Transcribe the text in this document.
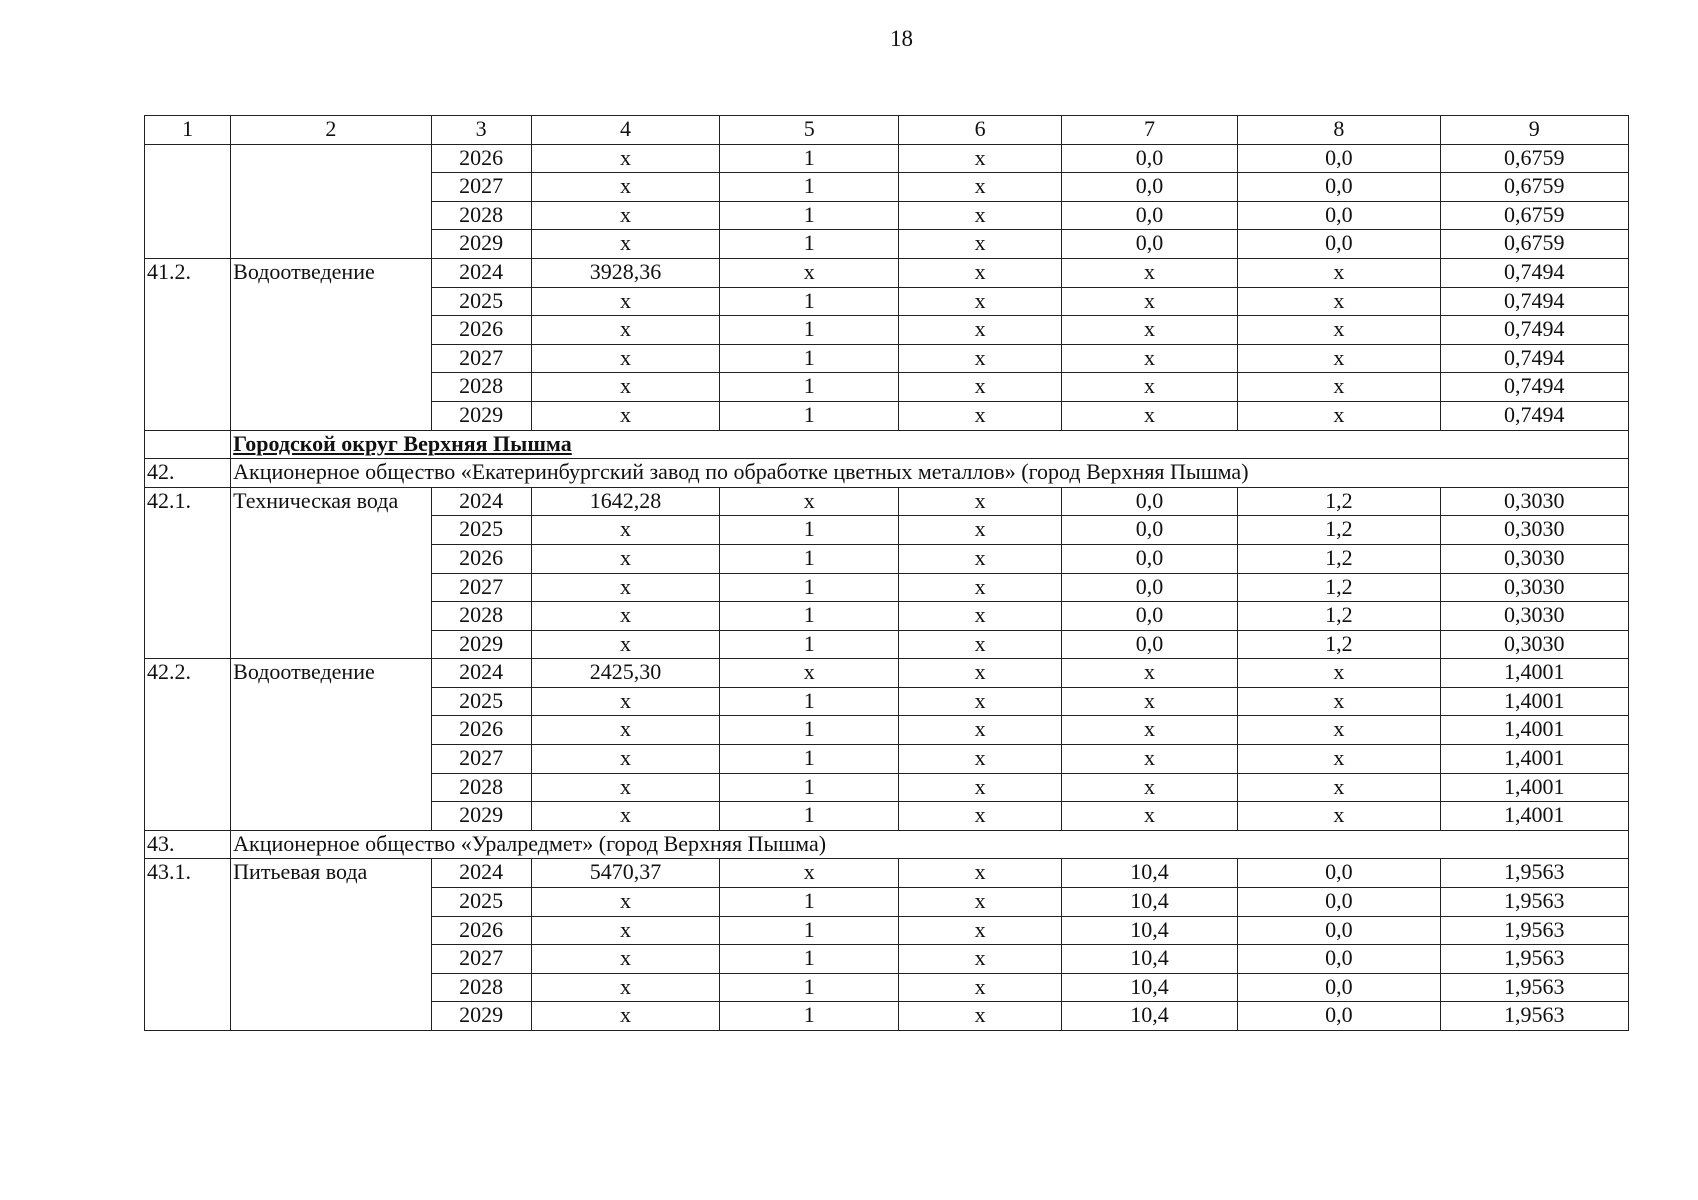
18
1	2	3	4	5	6	7	8	9
		2026	x	1	x	0,0	0,0	0,6759
		2027	x	1	x	0,0	0,0	0,6759
		2028	x	1	x	0,0	0,0	0,6759
		2029	x	1	x	0,0	0,0	0,6759
41.2.	Водоотведение	2024	3928,36	x	x	x	x	0,7494
		2025	x	1	x	x	x	0,7494
		2026	x	1	x	x	x	0,7494
		2027	x	1	x	x	x	0,7494
		2028	x	1	x	x	x	0,7494
		2029	x	1	x	x	x	0,7494
	Городской округ Верхняя Пышма							
42.	Акционерное общество «Екатеринбургский завод по обработке цветных металлов» (город Верхняя Пышма)							
42.1.	Техническая вода	2024	1642,28	x	x	0,0	1,2	0,3030
		2025	x	1	x	0,0	1,2	0,3030
		2026	x	1	x	0,0	1,2	0,3030
		2027	x	1	x	0,0	1,2	0,3030
		2028	x	1	x	0,0	1,2	0,3030
		2029	x	1	x	0,0	1,2	0,3030
42.2.	Водоотведение	2024	2425,30	x	x	x	x	1,4001
		2025	x	1	x	x	x	1,4001
		2026	x	1	x	x	x	1,4001
		2027	x	1	x	x	x	1,4001
		2028	x	1	x	x	x	1,4001
		2029	x	1	x	x	x	1,4001
43.	Акционерное общество «Уралредмет» (город Верхняя Пышма)							
43.1.	Питьевая вода	2024	5470,37	x	x	10,4	0,0	1,9563
		2025	x	1	x	10,4	0,0	1,9563
		2026	x	1	x	10,4	0,0	1,9563
		2027	x	1	x	10,4	0,0	1,9563
		2028	x	1	x	10,4	0,0	1,9563
		2029	x	1	x	10,4	0,0	1,9563
